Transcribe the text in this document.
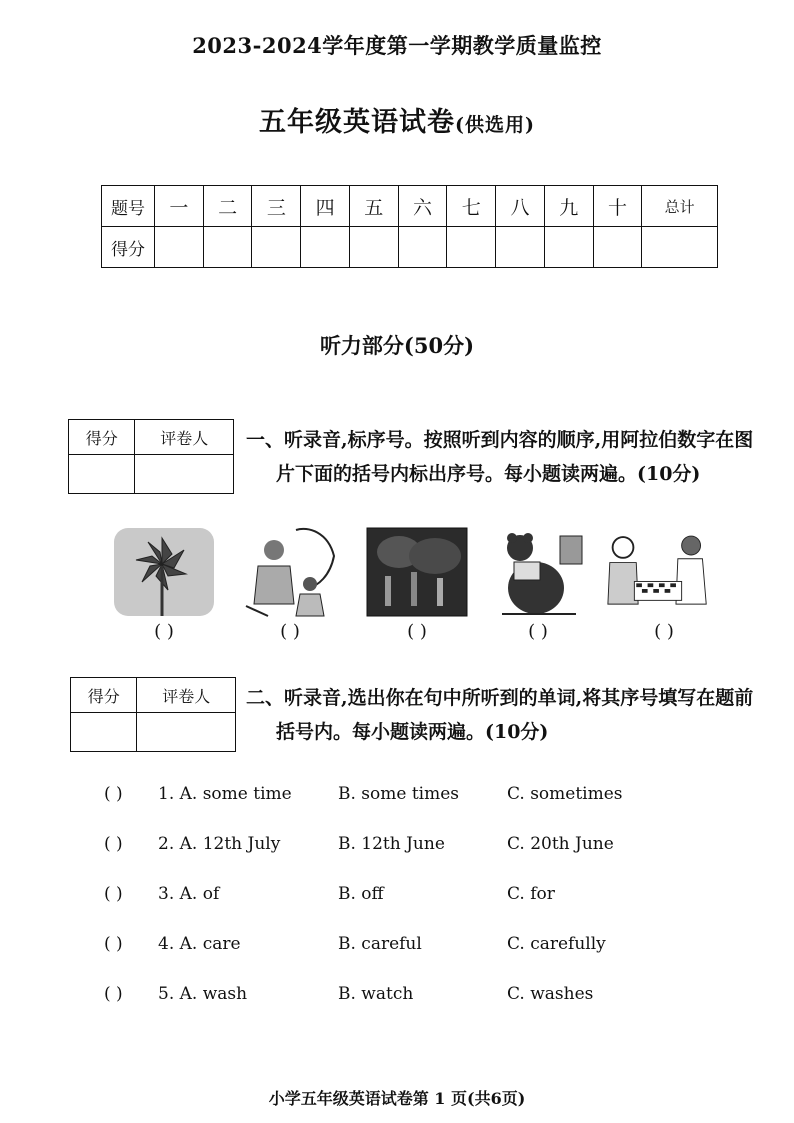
2023-2024学年度第一学期教学质量监控
五年级英语试卷(供选用)
题号	一	二	三	四	五	六	七	八	九	十	总计
得分											
听力部分(50分)
得分	评卷人
	一、听录音,标序号。按照听到内容的顺序,用阿拉伯数字在图
片下面的括号内标出序号。每小题读两遍。(10分)
( )	( )	( )	( )	( )
得分	评卷人
	二、听录音,选出你在句中所听到的单词,将其序号填写在题前
括号内。每小题读两遍。(10分)
( ) 1. A. some time	B. some times	C. sometimes
( ) 2. A. 12th July	B. 12th June	C. 20th June
( ) 3. A. of	B. off	C. for
( ) 4. A. care	B. careful	C. carefully
( ) 5. A. wash	B. watch	C. washes
小学五年级英语试卷第 1 页(共6页)
